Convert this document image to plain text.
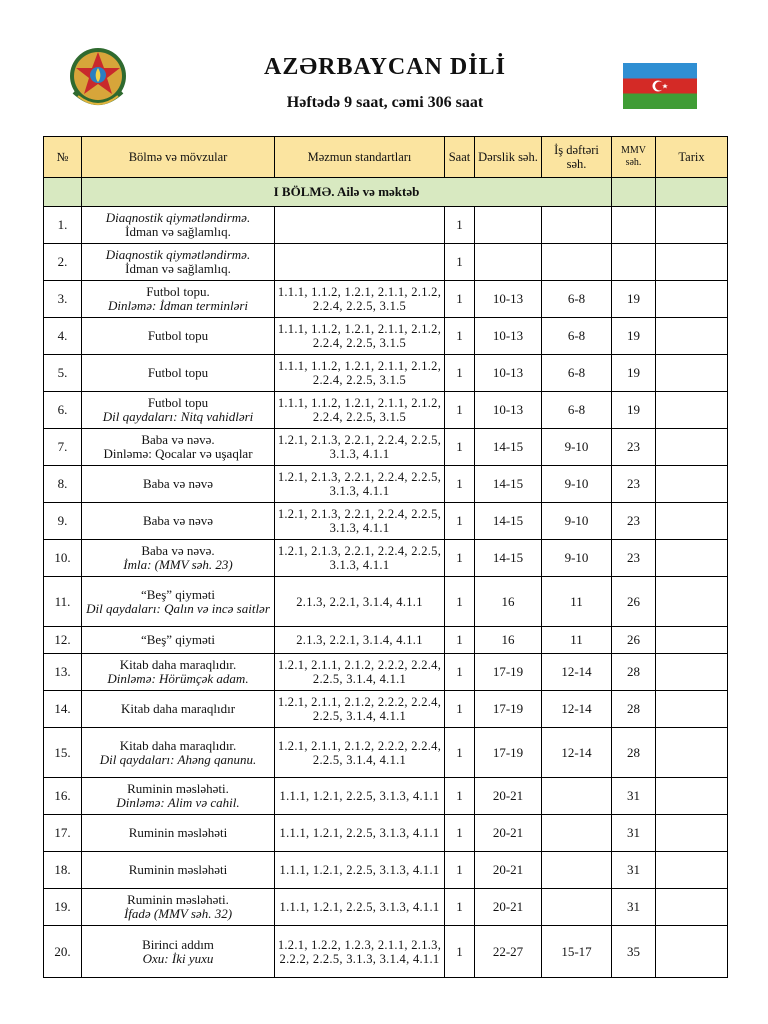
AZƏRBAYCAN DİLİ
Həftədə 9 saat, cəmi 306 saat
№	Bölmə və mövzular	Məzmun standartları	Saat	Dərslik səh.	İş dəftəri səh.	MMV səh.	Tarix
	I BÖLMƏ. Ailə və məktəb						
1.	Diaqnostik qiymətləndirmə.
İdman və sağlamlıq.		1				
2.	Diaqnostik qiymətləndirmə.
İdman və sağlamlıq.		1				
3.	Futbol topu.
Dinləmə: İdman terminləri	1.1.1, 1.1.2, 1.2.1, 2.1.1, 2.1.2, 2.2.4, 2.2.5, 3.1.5	1	10-13	6-8	19	
4.	Futbol topu	1.1.1, 1.1.2, 1.2.1, 2.1.1, 2.1.2, 2.2.4, 2.2.5, 3.1.5	1	10-13	6-8	19	
5.	Futbol topu	1.1.1, 1.1.2, 1.2.1, 2.1.1, 2.1.2, 2.2.4, 2.2.5, 3.1.5	1	10-13	6-8	19	
6.	Futbol topu
Dil qaydaları: Nitq vahidləri	1.1.1, 1.1.2, 1.2.1, 2.1.1, 2.1.2, 2.2.4, 2.2.5, 3.1.5	1	10-13	6-8	19	
7.	Baba və nəvə.
Dinləmə: Qocalar və uşaqlar	1.2.1, 2.1.3, 2.2.1, 2.2.4, 2.2.5, 3.1.3, 4.1.1	1	14-15	9-10	23	
8.	Baba və nəvə	1.2.1, 2.1.3, 2.2.1, 2.2.4, 2.2.5, 3.1.3, 4.1.1	1	14-15	9-10	23	
9.	Baba və nəvə	1.2.1, 2.1.3, 2.2.1, 2.2.4, 2.2.5, 3.1.3, 4.1.1	1	14-15	9-10	23	
10.	Baba və nəvə.
İmla: (MMV səh. 23)	1.2.1, 2.1.3, 2.2.1, 2.2.4, 2.2.5, 3.1.3, 4.1.1	1	14-15	9-10	23	
11.	“Beş” qiyməti
Dil qaydaları: Qalın və incə saitlər	2.1.3, 2.2.1, 3.1.4, 4.1.1	1	16	11	26	
12.	“Beş” qiyməti	2.1.3, 2.2.1, 3.1.4, 4.1.1	1	16	11	26	
13.	Kitab daha maraqlıdır.
Dinləmə: Hörümçək adam.	1.2.1, 2.1.1, 2.1.2, 2.2.2, 2.2.4, 2.2.5, 3.1.4, 4.1.1	1	17-19	12-14	28	
14.	Kitab daha maraqlıdır	1.2.1, 2.1.1, 2.1.2, 2.2.2, 2.2.4, 2.2.5, 3.1.4, 4.1.1	1	17-19	12-14	28	
15.	Kitab daha maraqlıdır.
Dil qaydaları: Ahəng qanunu.	1.2.1, 2.1.1, 2.1.2, 2.2.2, 2.2.4, 2.2.5, 3.1.4, 4.1.1	1	17-19	12-14	28	
16.	Ruminin məsləhəti.
Dinləmə: Alim və cahil.	1.1.1, 1.2.1, 2.2.5, 3.1.3, 4.1.1	1	20-21		31	
17.	Ruminin məsləhəti	1.1.1, 1.2.1, 2.2.5, 3.1.3, 4.1.1	1	20-21		31	
18.	Ruminin məsləhəti	1.1.1, 1.2.1, 2.2.5, 3.1.3, 4.1.1	1	20-21		31	
19.	Ruminin məsləhəti.
İfadə (MMV səh. 32)	1.1.1, 1.2.1, 2.2.5, 3.1.3, 4.1.1	1	20-21		31	
20.	Birinci addım
Oxu: İki yuxu	1.2.1, 1.2.2, 1.2.3, 2.1.1, 2.1.3, 2.2.2, 2.2.5, 3.1.3, 3.1.4, 4.1.1	1	22-27	15-17	35	
